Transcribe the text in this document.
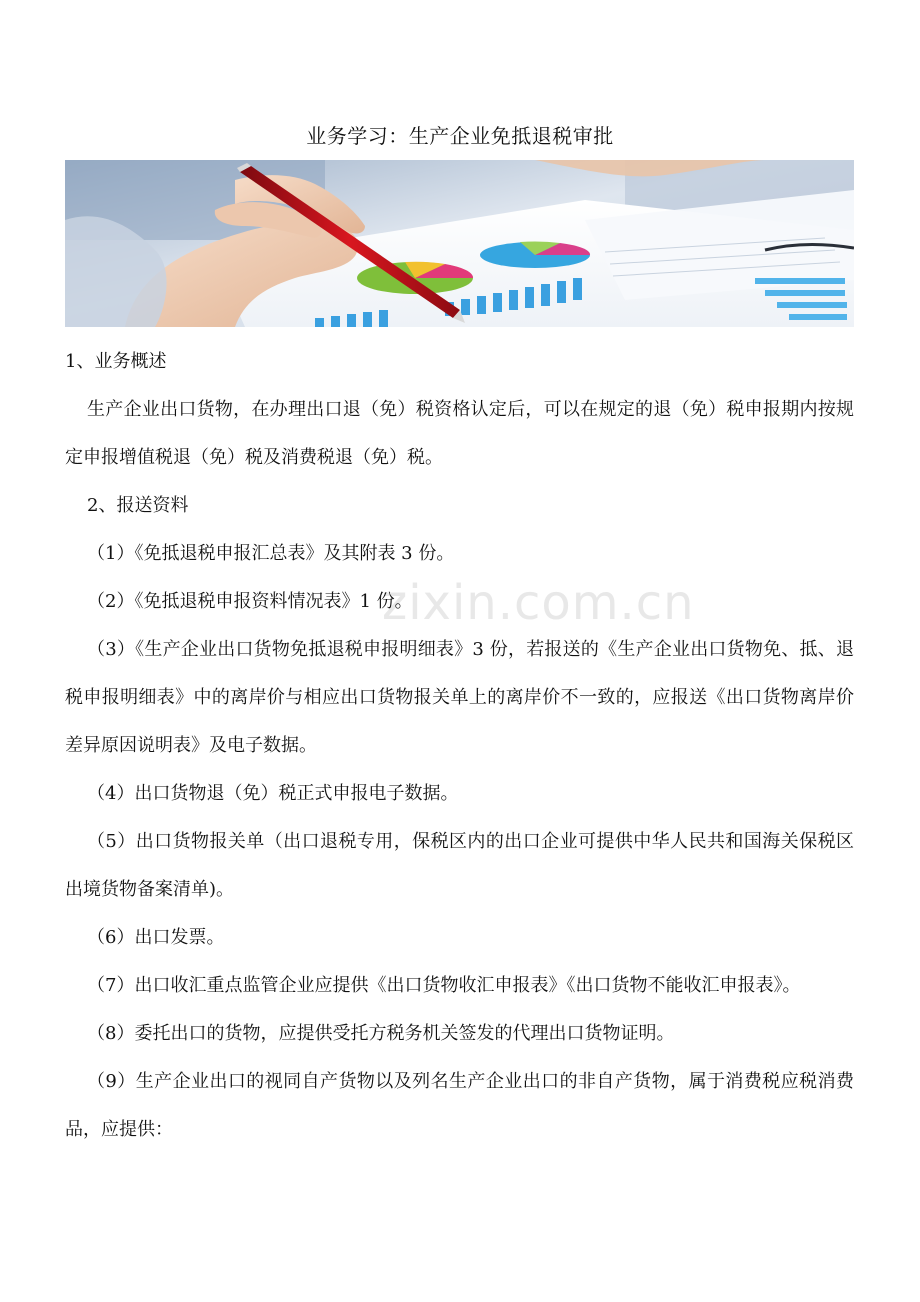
业务学习：生产企业免抵退税审批
zixin.com.cn

1、业务概述

生产企业出口货物，在办理出口退（免）税资格认定后，可以在规定的退（免）税申报期内按规定申报增值税退（免）税及消费税退（免）税。

2、报送资料

（1）《免抵退税申报汇总表》及其附表 3 份。

（2）《免抵退税申报资料情况表》1 份。

（3）《生产企业出口货物免抵退税申报明细表》3 份，若报送的《生产企业出口货物免、抵、退税申报明细表》中的离岸价与相应出口货物报关单上的离岸价不一致的，应报送《出口货物离岸价差异原因说明表》及电子数据。

（4）出口货物退（免）税正式申报电子数据。

（5）出口货物报关单（出口退税专用，保税区内的出口企业可提供中华人民共和国海关保税区出境货物备案清单)。

（6）出口发票。

（7）出口收汇重点监管企业应提供《出口货物收汇申报表》《出口货物不能收汇申报表》。

（8）委托出口的货物，应提供受托方税务机关签发的代理出口货物证明。

（9）生产企业出口的视同自产货物以及列名生产企业出口的非自产货物，属于消费税应税消费品，应提供：
